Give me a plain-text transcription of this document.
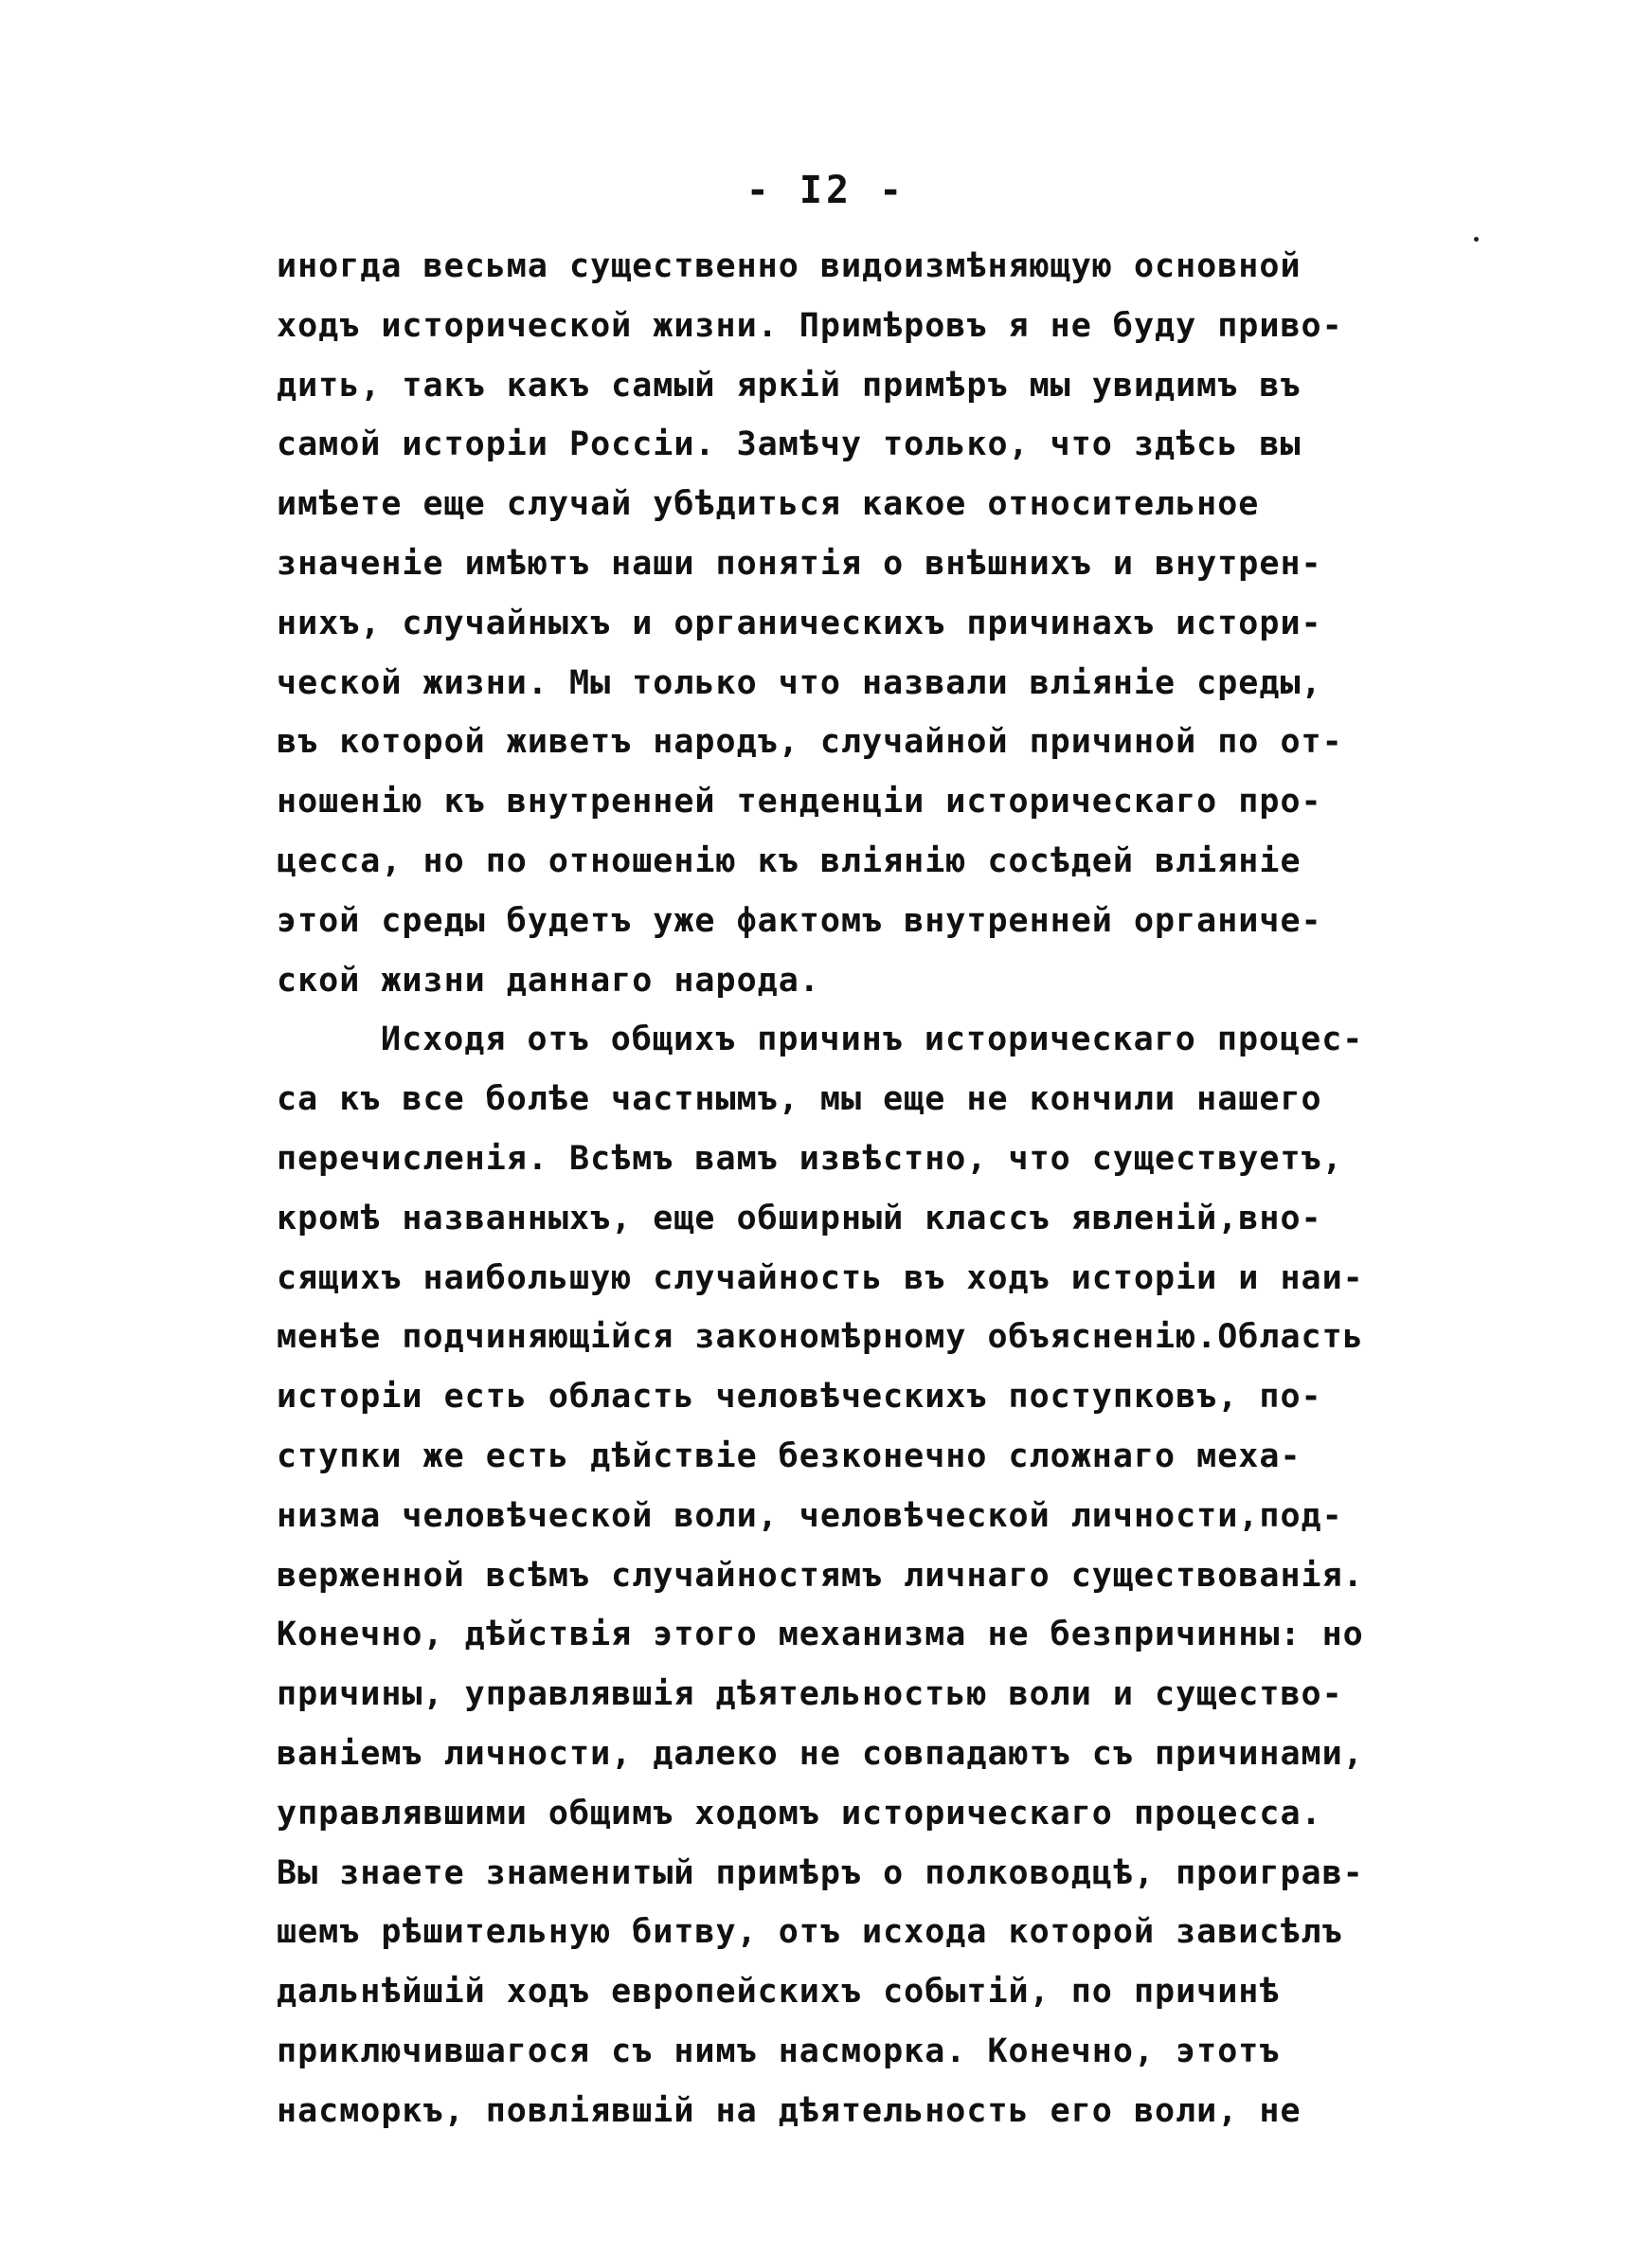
- I2 -
иногда весьма существенно видоизмѣняющую основной
ходъ исторической жизни. Примѣровъ я не буду приво-
дить, такъ какъ самый яркій примѣръ мы увидимъ въ
самой исторіи Россіи. Замѣчу только, что здѣсь вы
имѣете еще случай убѣдиться какое относительное
значеніе имѣютъ наши понятія о внѣшнихъ и внутрен-
нихъ, случайныхъ и органическихъ причинахъ истори-
ческой жизни. Мы только что назвали вліяніе среды,
въ которой живетъ народъ, случайной причиной по от-
ношенію къ внутренней тенденціи историческаго про-
цесса, но по отношенію къ вліянію сосѣдей вліяніе
этой среды будетъ уже фактомъ внутренней органиче-
ской жизни даннаго народа.
Исходя отъ общихъ причинъ историческаго процес-
са къ все болѣе частнымъ, мы еще не кончили нашего
перечисленія. Всѣмъ вамъ извѣстно, что существуетъ,
кромѣ названныхъ, еще обширный классъ явленій,вно-
сящихъ наибольшую случайность въ ходъ исторіи и наи-
менѣе подчиняющійся закономѣрному объясненію.Область
исторіи есть область человѣческихъ поступковъ, по-
ступки же есть дѣйствіе безконечно сложнаго меха-
низма человѣческой воли, человѣческой личности,под-
верженной всѣмъ случайностямъ личнаго существованія.
Конечно, дѣйствія этого механизма не безпричинны: но
причины, управлявшія дѣятельностью воли и существо-
ваніемъ личности, далеко не совпадаютъ съ причинами,
управлявшими общимъ ходомъ историческаго процесса.
Вы знаете знаменитый примѣръ о полководцѣ, проиграв-
шемъ рѣшительную битву, отъ исхода которой зависѣлъ
дальнѣйшій ходъ европейскихъ событій, по причинѣ
приключившагося съ нимъ насморка. Конечно, этотъ
насморкъ, повліявшій на дѣятельность его воли, не
